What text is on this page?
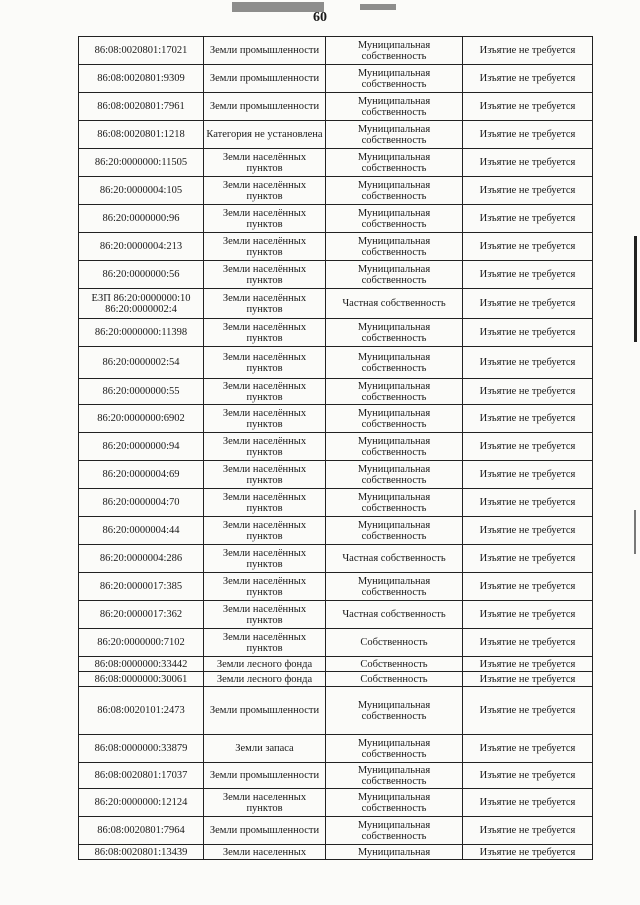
60
86:08:0020801:17021	Земли промышленности	Муниципальная собственность	Изъятие не требуется
86:08:0020801:9309	Земли промышленности	Муниципальная собственность	Изъятие не требуется
86:08:0020801:7961	Земли промышленности	Муниципальная собственность	Изъятие не требуется
86:08:0020801:1218	Категория не установлена	Муниципальная собственность	Изъятие не требуется
86:20:0000000:11505	Земли населённых пунктов	Муниципальная собственность	Изъятие не требуется
86:20:0000004:105	Земли населённых пунктов	Муниципальная собственность	Изъятие не требуется
86:20:0000000:96	Земли населённых пунктов	Муниципальная собственность	Изъятие не требуется
86:20:0000004:213	Земли населённых пунктов	Муниципальная собственность	Изъятие не требуется
86:20:0000000:56	Земли населённых пунктов	Муниципальная собственность	Изъятие не требуется
ЕЗП 86:20:0000000:10 86:20:0000002:4	Земли населённых пунктов	Частная собственность	Изъятие не требуется
86:20:0000000:11398	Земли населённых пунктов	Муниципальная собственность	Изъятие не требуется
86:20:0000002:54	Земли населённых пунктов	Муниципальная собственность	Изъятие не требуется
86:20:0000000:55	Земли населённых пунктов	Муниципальная собственность	Изъятие не требуется
86:20:0000000:6902	Земли населённых пунктов	Муниципальная собственность	Изъятие не требуется
86:20:0000000:94	Земли населённых пунктов	Муниципальная собственность	Изъятие не требуется
86:20:0000004:69	Земли населённых пунктов	Муниципальная собственность	Изъятие не требуется
86:20:0000004:70	Земли населённых пунктов	Муниципальная собственность	Изъятие не требуется
86:20:0000004:44	Земли населённых пунктов	Муниципальная собственность	Изъятие не требуется
86:20:0000004:286	Земли населённых пунктов	Частная собственность	Изъятие не требуется
86:20:0000017:385	Земли населённых пунктов	Муниципальная собственность	Изъятие не требуется
86:20:0000017:362	Земли населённых пунктов	Частная собственность	Изъятие не требуется
86:20:0000000:7102	Земли населённых пунктов	Собственность	Изъятие не требуется
86:08:0000000:33442	Земли лесного фонда	Собственность	Изъятие не требуется
86:08:0000000:30061	Земли лесного фонда	Собственность	Изъятие не требуется
86:08:0020101:2473	Земли промышленности	Муниципальная собственность	Изъятие не требуется
86:08:0000000:33879	Земли запаса	Муниципальная собственность	Изъятие не требуется
86:08:0020801:17037	Земли промышленности	Муниципальная собственность	Изъятие не требуется
86:20:0000000:12124	Земли населенных пунктов	Муниципальная собственность	Изъятие не требуется
86:08:0020801:7964	Земли промышленности	Муниципальная собственность	Изъятие не требуется
86:08:0020801:13439	Земли населенных	Муниципальная	Изъятие не требуется
